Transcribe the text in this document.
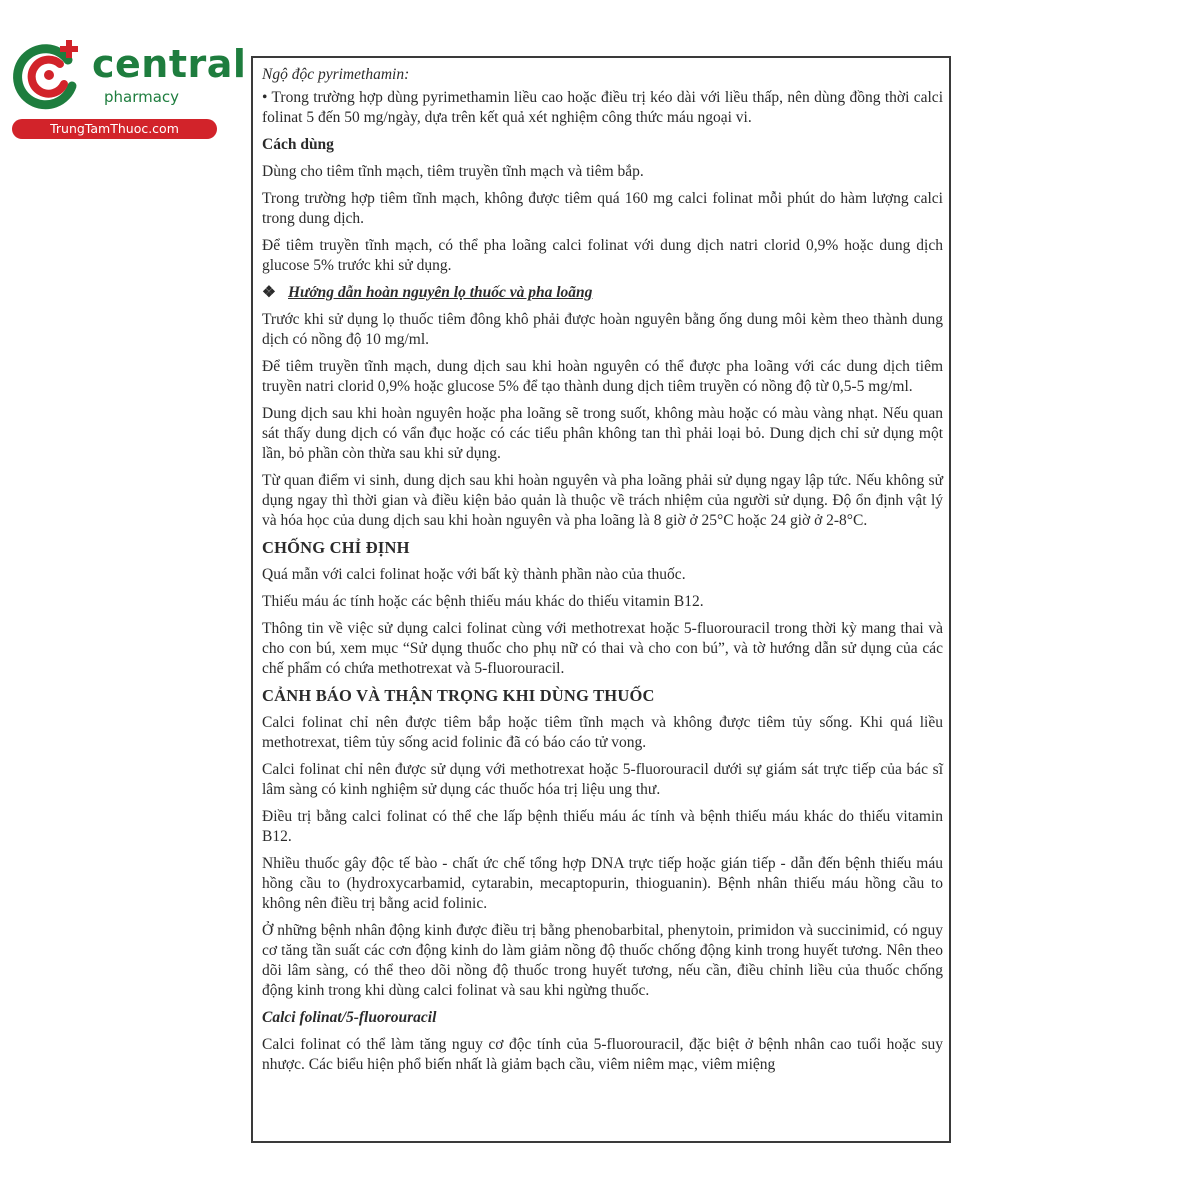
central
pharmacy
TrungTamThuoc.com

Ngộ độc pyrimethamin:

• Trong trường hợp dùng pyrimethamin liều cao hoặc điều trị kéo dài với liều thấp, nên dùng đồng thời calci folinat 5 đến 50 mg/ngày, dựa trên kết quả xét nghiệm công thức máu ngoại vi.

Cách dùng

Dùng cho tiêm tĩnh mạch, tiêm truyền tĩnh mạch và tiêm bắp.

Trong trường hợp tiêm tĩnh mạch, không được tiêm quá 160 mg calci folinat mỗi phút do hàm lượng calci trong dung dịch.

Để tiêm truyền tĩnh mạch, có thể pha loãng calci folinat với dung dịch natri clorid 0,9% hoặc dung dịch glucose 5% trước khi sử dụng.

❖ Hướng dẫn hoàn nguyên lọ thuốc và pha loãng

Trước khi sử dụng lọ thuốc tiêm đông khô phải được hoàn nguyên bằng ống dung môi kèm theo thành dung dịch có nồng độ 10 mg/ml.

Để tiêm truyền tĩnh mạch, dung dịch sau khi hoàn nguyên có thể được pha loãng với các dung dịch tiêm truyền natri clorid 0,9% hoặc glucose 5% để tạo thành dung dịch tiêm truyền có nồng độ từ 0,5-5 mg/ml.

Dung dịch sau khi hoàn nguyên hoặc pha loãng sẽ trong suốt, không màu hoặc có màu vàng nhạt. Nếu quan sát thấy dung dịch có vẩn đục hoặc có các tiểu phân không tan thì phải loại bỏ. Dung dịch chỉ sử dụng một lần, bỏ phần còn thừa sau khi sử dụng.

Từ quan điểm vi sinh, dung dịch sau khi hoàn nguyên và pha loãng phải sử dụng ngay lập tức. Nếu không sử dụng ngay thì thời gian và điều kiện bảo quản là thuộc về trách nhiệm của người sử dụng. Độ ổn định vật lý và hóa học của dung dịch sau khi hoàn nguyên và pha loãng là 8 giờ ở 25°C hoặc 24 giờ ở 2-8°C.

CHỐNG CHỈ ĐỊNH

Quá mẫn với calci folinat hoặc với bất kỳ thành phần nào của thuốc.

Thiếu máu ác tính hoặc các bệnh thiếu máu khác do thiếu vitamin B12.

Thông tin về việc sử dụng calci folinat cùng với methotrexat hoặc 5-fluorouracil trong thời kỳ mang thai và cho con bú, xem mục “Sử dụng thuốc cho phụ nữ có thai và cho con bú”, và tờ hướng dẫn sử dụng của các chế phẩm có chứa methotrexat và 5-fluorouracil.

CẢNH BÁO VÀ THẬN TRỌNG KHI DÙNG THUỐC

Calci folinat chỉ nên được tiêm bắp hoặc tiêm tĩnh mạch và không được tiêm tủy sống. Khi quá liều methotrexat, tiêm tủy sống acid folinic đã có báo cáo tử vong.

Calci folinat chỉ nên được sử dụng với methotrexat hoặc 5-fluorouracil dưới sự giám sát trực tiếp của bác sĩ lâm sàng có kinh nghiệm sử dụng các thuốc hóa trị liệu ung thư.

Điều trị bằng calci folinat có thể che lấp bệnh thiếu máu ác tính và bệnh thiếu máu khác do thiếu vitamin B12.

Nhiều thuốc gây độc tế bào - chất ức chế tổng hợp DNA trực tiếp hoặc gián tiếp - dẫn đến bệnh thiếu máu hồng cầu to (hydroxycarbamid, cytarabin, mecaptopurin, thioguanin). Bệnh nhân thiếu máu hồng cầu to không nên điều trị bằng acid folinic.

Ở những bệnh nhân động kinh được điều trị bằng phenobarbital, phenytoin, primidon và succinimid, có nguy cơ tăng tần suất các cơn động kinh do làm giảm nồng độ thuốc chống động kinh trong huyết tương. Nên theo dõi lâm sàng, có thể theo dõi nồng độ thuốc trong huyết tương, nếu cần, điều chỉnh liều của thuốc chống động kinh trong khi dùng calci folinat và sau khi ngừng thuốc.

Calci folinat/5-fluorouracil

Calci folinat có thể làm tăng nguy cơ độc tính của 5-fluorouracil, đặc biệt ở bệnh nhân cao tuổi hoặc suy nhược. Các biểu hiện phổ biến nhất là giảm bạch cầu, viêm niêm mạc, viêm miệng
